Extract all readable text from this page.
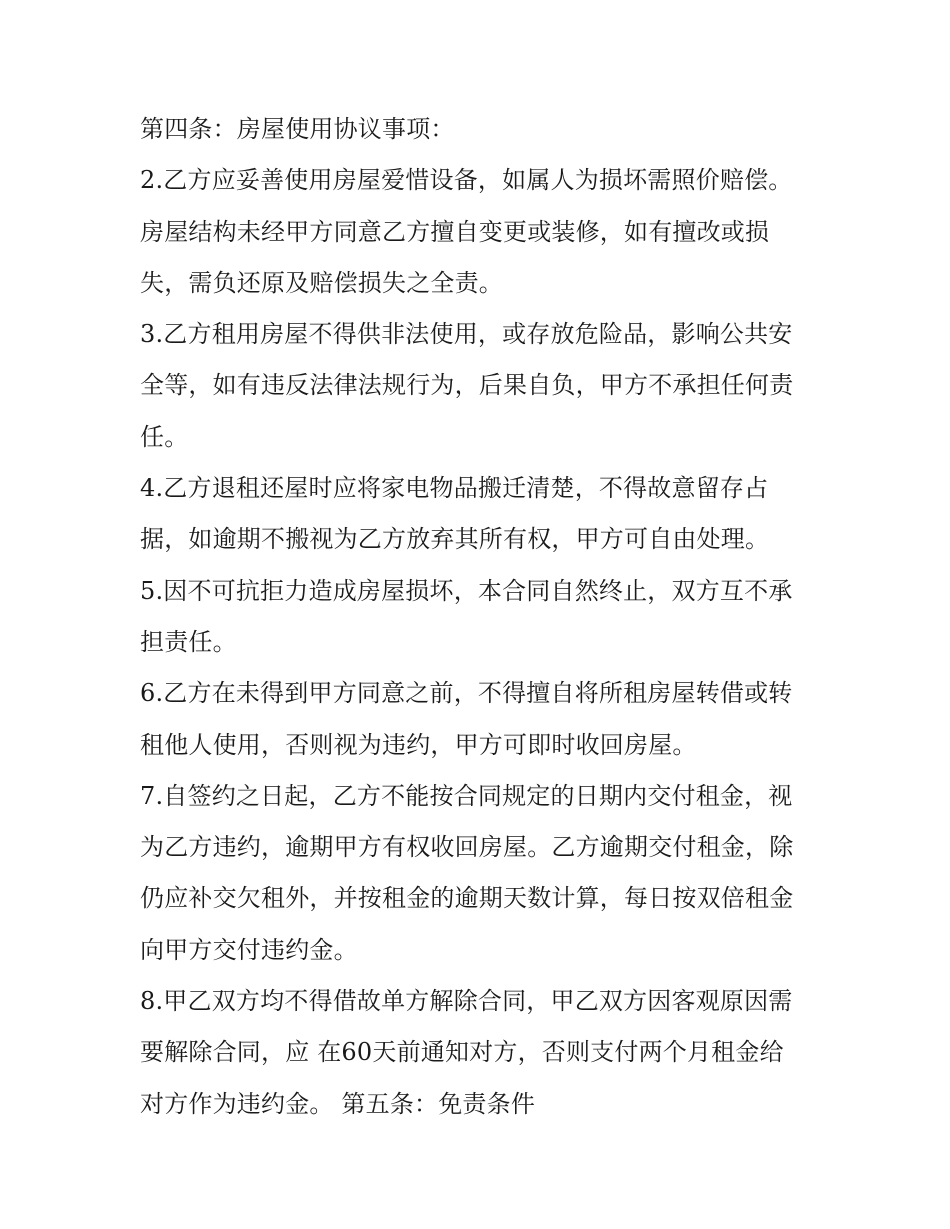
第四条：房屋使用协议事项：
2.乙方应妥善使用房屋爱惜设备，如属人为损坏需照价赔偿。
房屋结构未经甲方同意乙方擅自变更或装修，如有擅改或损
失，需负还原及赔偿损失之全责。
3.乙方租用房屋不得供非法使用，或存放危险品，影响公共安
全等，如有违反法律法规行为，后果自负，甲方不承担任何责
任。
4.乙方退租还屋时应将家电物品搬迁清楚，不得故意留存占
据，如逾期不搬视为乙方放弃其所有权，甲方可自由处理。
5.因不可抗拒力造成房屋损坏，本合同自然终止，双方互不承
担责任。
6.乙方在未得到甲方同意之前，不得擅自将所租房屋转借或转
租他人使用，否则视为违约，甲方可即时收回房屋。
7.自签约之日起，乙方不能按合同规定的日期内交付租金，视
为乙方违约，逾期甲方有权收回房屋。乙方逾期交付租金，除
仍应补交欠租外，并按租金的逾期天数计算，每日按双倍租金
向甲方交付违约金。
8.甲乙双方均不得借故单方解除合同，甲乙双方因客观原因需
要解除合同，应 在60天前通知对方，否则支付两个月租金给
对方作为违约金。 第五条：免责条件
